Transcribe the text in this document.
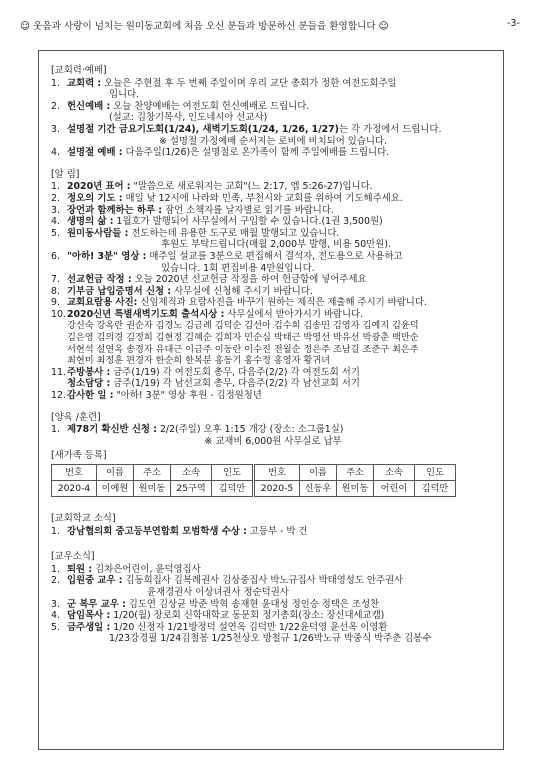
☺ 웃음과 사랑이 넘치는 원미동교회에 처음 오신 분들과 방문하신 분들을 환영합니다 ☺	-3-
[교회력·예배]
1. 교회력 : 오늘은 주현절 후 두 번째 주일이며 우리 교단 총회가 정한 여전도회주일
입니다.
2. 헌신예배 : 오늘 찬양예배는 여전도회 헌신예배로 드립니다.
(설교: 김창기목사, 인도네시아 선교사)
3. 설명절 기간 금요기도회(1/24), 새벽기도회(1/24, 1/26, 1/27)는 각 가정에서 드립니다.
※ 설명절 가정예배 순서지는 로비에 비치되어 있습니다.
4. 설명절 예배 : 다음주일(1/26)은 설명절로 온가족이 함께 주일예배를 드립니다.
[알 림]
1. 2020년 표어 : "말씀으로 새로워지는 교회"(느 2:17, 엡 5:26-27)입니다.
2. 정오의 기도 : 매일 낮 12시에 나라와 민족, 부천시와 교회를 위하여 기도해주세요.
3. 장언과 함께하는 하루 : 잠언 소책자를 날자별로 읽기를 바랍니다.
4. 생명의 삶 : 1월호가 발행되어 사무실에서 구입할 수 있습니다.(1권 3,500원)
5. 원미동사람들 : 전도하는데 유용한 도구로 매월 발행되고 있습니다.
후원도 부탁드립니다(매월 2,000부 발행, 비용 50만원).
6. "아하! 3분" 영상 : 매주일 설교를 3분으로 편집해서 결석자, 전도용으로 사용하고
있습니다. 1회 편집비용 4만원입니다.
7. 선교헌금 작정 : 오늘 2020년 선교헌금 작정을 하여 헌금함에 넣어주세요
8. 기부금 납입증명서 신청 : 사무실에 신청해 주시기 바랍니다.
9. 교회요람용 사진: 신임제직과 요람사진을 바꾸기 원하는 제직은 제출해 주시기 바랍니다.
10. 2020신년 특별새벽기도회 출석시상 : 사무실에서 받아가시기 바랍니다.
강신숙 강옥란 권순자 김경노 김금례 김덕순 김선아 김수희 김송민 김영자 김예지 김윤덕
김은영 김의경 김정희 김현정 김혜순 김희자 민순심 박태근 박영선 박유선 박광춘 백만순
서현석 설연옥 송경자 유대근 이금주 이동란 이수진 전월순 정은주 조남길 조준구 최은주
최현미 최정훈 편경자 한순희 한복분 홍동기 홍수정 홍영자 황귀녀
11. 주방봉사 : 금주(1/19) 각 여전도회 총무, 다음주(2/2) 각 여전도회 서기
청소담당 : 금주(1/19) 각 남선교회 총무, 다음주(2/2) 각 남선교회 서기
12. 감사한 일 : "아하! 3분" 영상 후원 - 김정원청년
[양육 /훈련]
1. 제78기 확신반 신청 : 2/2(주일) 오후 1:15 개강 (장소: 소그룹1실)
※ 교재비 6,000원 사무실로 납부
[새가족 등록]
번호	이름	주소	소속	인도	번호	이름	주소	소속	인도
2020-4	이예원	원미동	25구역	김덕만	2020-5	신동우	원미동	어린이	김덕만
[교회학교 소식]
1. 강남협의회 중고등부연합회 모범학생 수상 : 고등부 - 박 건
[교우소식]
1. 퇴원 : 김차은어린이, 윤덕영집사
2. 입원중 교우 : 김동희집사 김복례권사 김상중집사 박노규집사 박태영성도 안주권사
윤재경권사 이상녀권사 정순덕권사
3. 군 복무 교우 : 김도연 김상균 박준 박혁 송재현 윤대성 정인승 정택은 조성찬
4. 담임목사 : 1/20(월) 장로회 신학대학교 동문회 정기총회(장소: 장신대세교캠)
5. 금주생일 : 1/20 신정자 1/21방정덕 설연옥 김덕만 1/22윤덕영 윤선옥 이영환
1/23강경필 1/24김철봉 1/25천상오 방철규 1/26박노규 박중식 박주춘 김봉수
